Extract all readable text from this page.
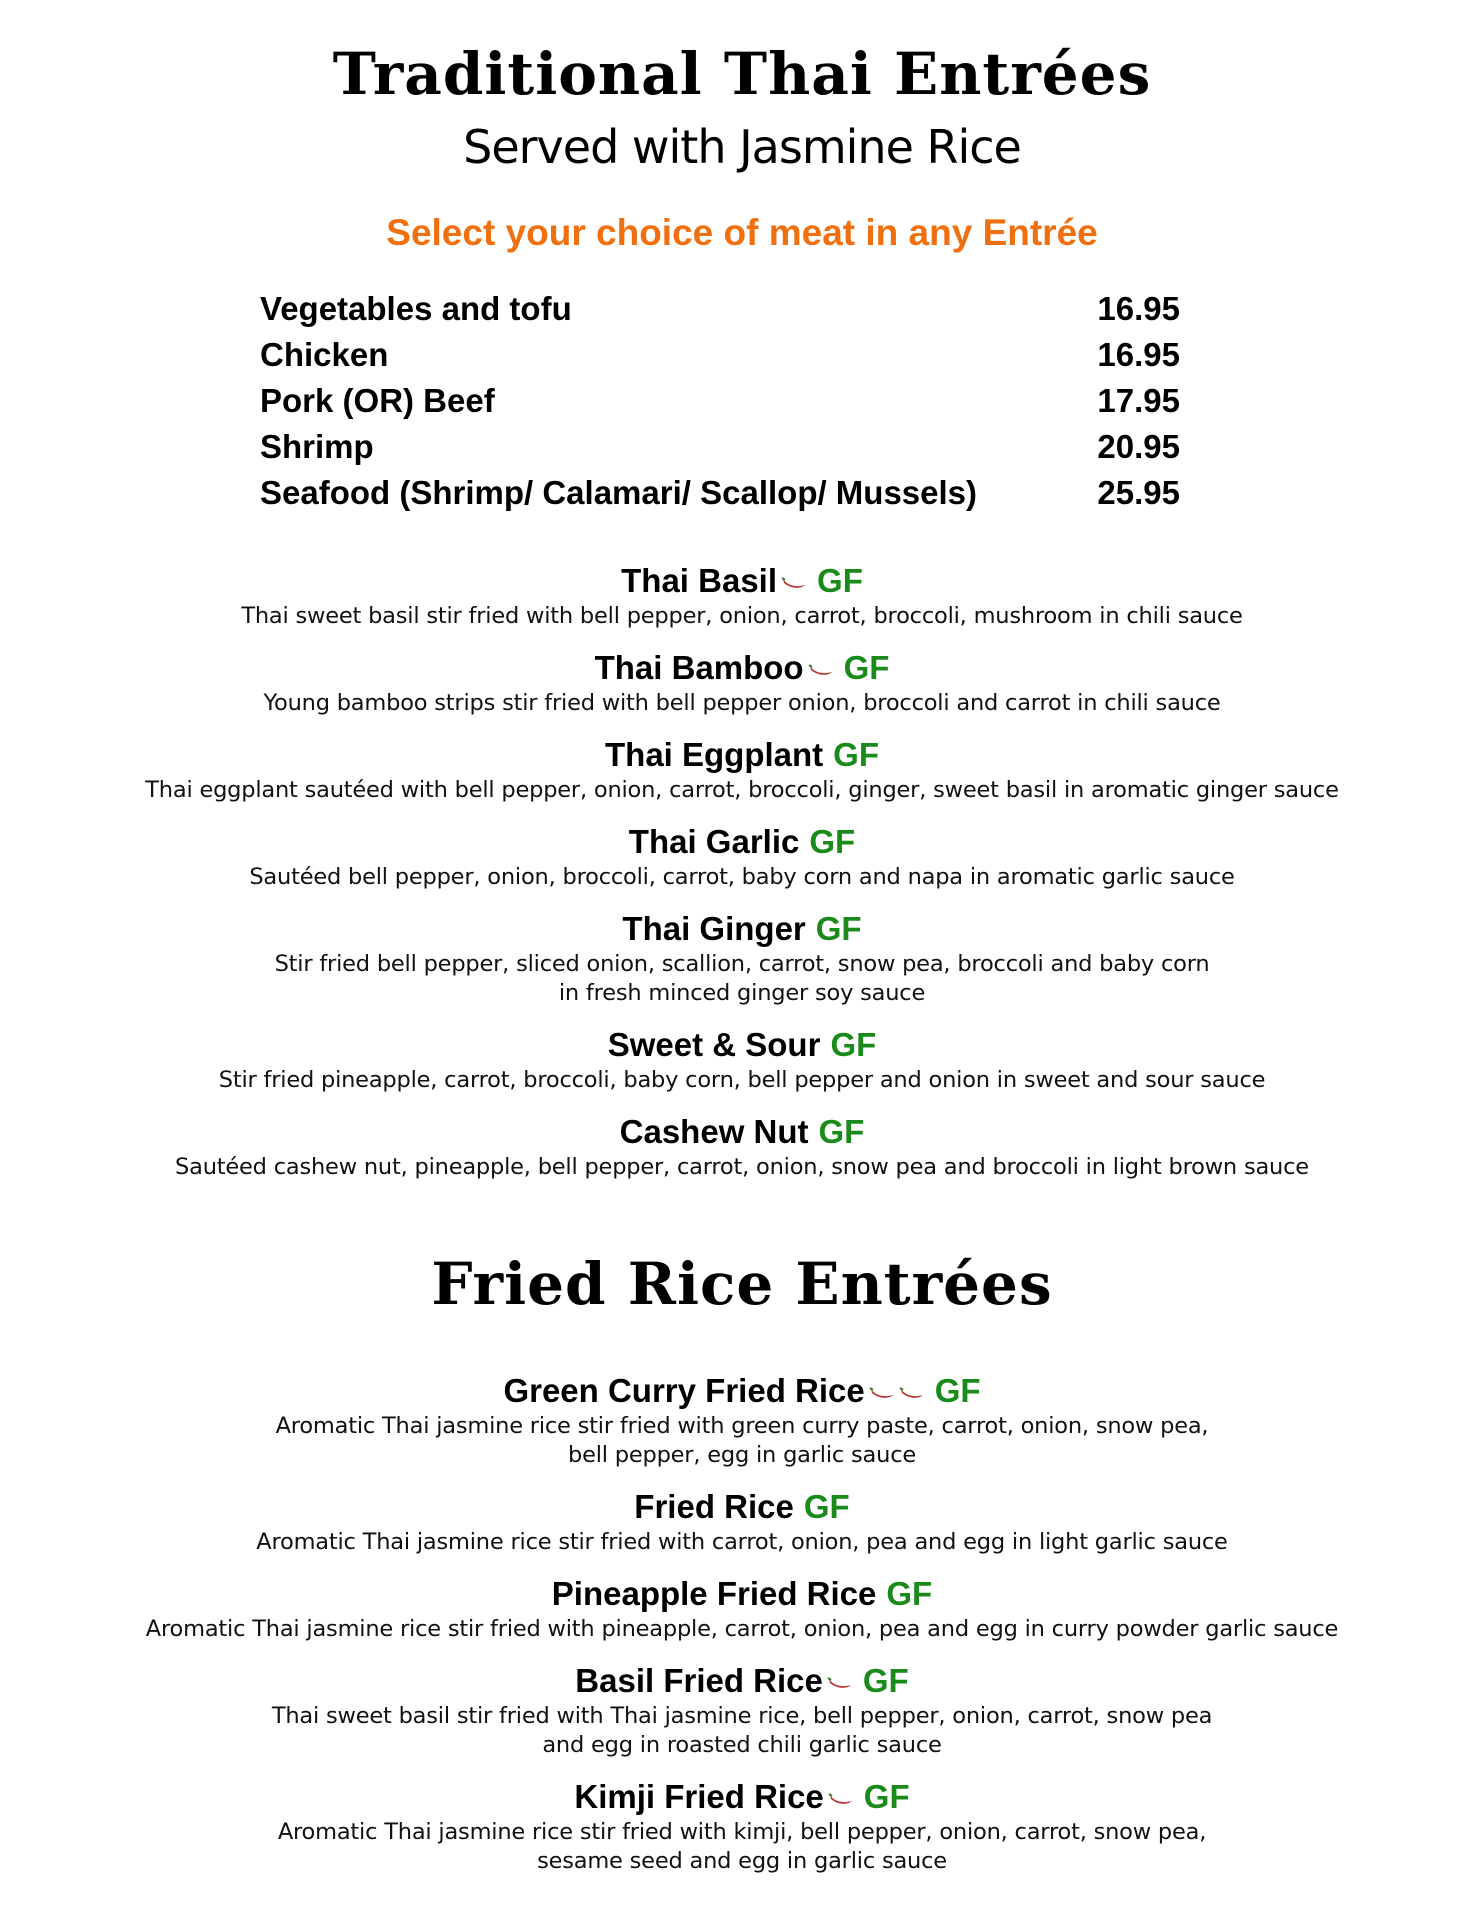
Traditional Thai Entrées
Served with Jasmine Rice
Select your choice of meat in any Entrée
Vegetables and tofu	16.95
Chicken	16.95
Pork (OR) Beef	17.95
Shrimp	20.95
Seafood (Shrimp/ Calamari/ Scallop/ Mussels)	25.95
Thai Basil GF
Thai sweet basil stir fried with bell pepper, onion, carrot, broccoli, mushroom in chili sauce
Thai Bamboo GF
Young bamboo strips stir fried with bell pepper onion, broccoli and carrot in chili sauce
Thai Eggplant GF
Thai eggplant sautéed with bell pepper, onion, carrot, broccoli, ginger, sweet basil in aromatic ginger sauce
Thai Garlic GF
Sautéed bell pepper, onion, broccoli, carrot, baby corn and napa in aromatic garlic sauce
Thai Ginger GF
Stir fried bell pepper, sliced onion, scallion, carrot, snow pea, broccoli and baby corn
in fresh minced ginger soy sauce
Sweet & Sour GF
Stir fried pineapple, carrot, broccoli, baby corn, bell pepper and onion in sweet and sour sauce
Cashew Nut GF
Sautéed cashew nut, pineapple, bell pepper, carrot, onion, snow pea and broccoli in light brown sauce
Fried Rice Entrées
Green Curry Fried Rice GF
Aromatic Thai jasmine rice stir fried with green curry paste, carrot, onion, snow pea,
bell pepper, egg in garlic sauce
Fried Rice GF
Aromatic Thai jasmine rice stir fried with carrot, onion, pea and egg in light garlic sauce
Pineapple Fried Rice GF
Aromatic Thai jasmine rice stir fried with pineapple, carrot, onion, pea and egg in curry powder garlic sauce
Basil Fried Rice GF
Thai sweet basil stir fried with Thai jasmine rice, bell pepper, onion, carrot, snow pea
and egg in roasted chili garlic sauce
Kimji Fried Rice GF
Aromatic Thai jasmine rice stir fried with kimji, bell pepper, onion, carrot, snow pea,
sesame seed and egg in garlic sauce
